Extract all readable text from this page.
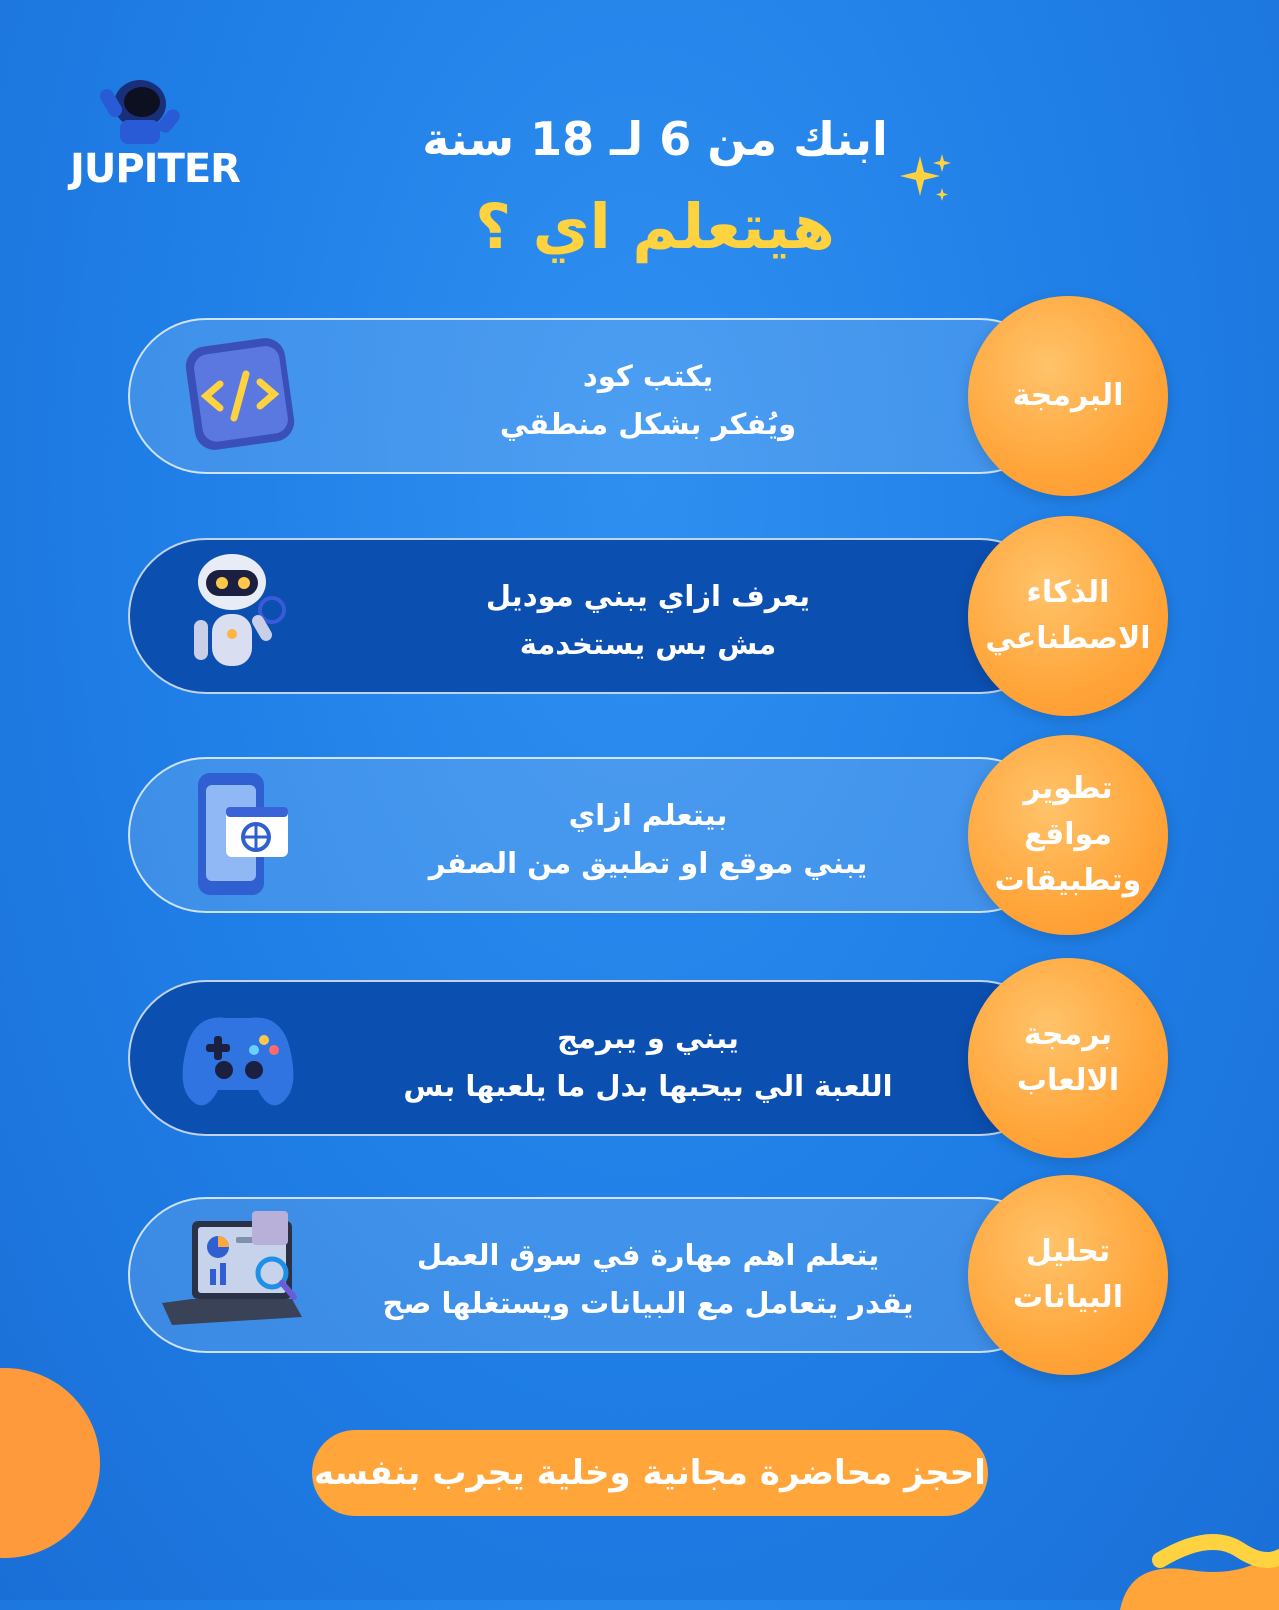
JUPITER
ابنك من 6 لـ 18 سنة
هيتعلم اي ؟
يكتب كود
ويُفكر بشكل منطقي
البرمجة
يعرف ازاي يبني موديل
مش بس يستخدمة
الذكاء الاصطناعي
بيتعلم ازاي
يبني موقع او تطبيق من الصفر
تطوير مواقع وتطبيقات
يبني و يبرمج
اللعبة الي بيحبها بدل ما يلعبها بس
برمجة الالعاب
يتعلم اهم مهارة في سوق العمل
يقدر يتعامل مع البيانات ويستغلها صح
تحليل البيانات
احجز محاضرة مجانية وخلية يجرب بنفسه
